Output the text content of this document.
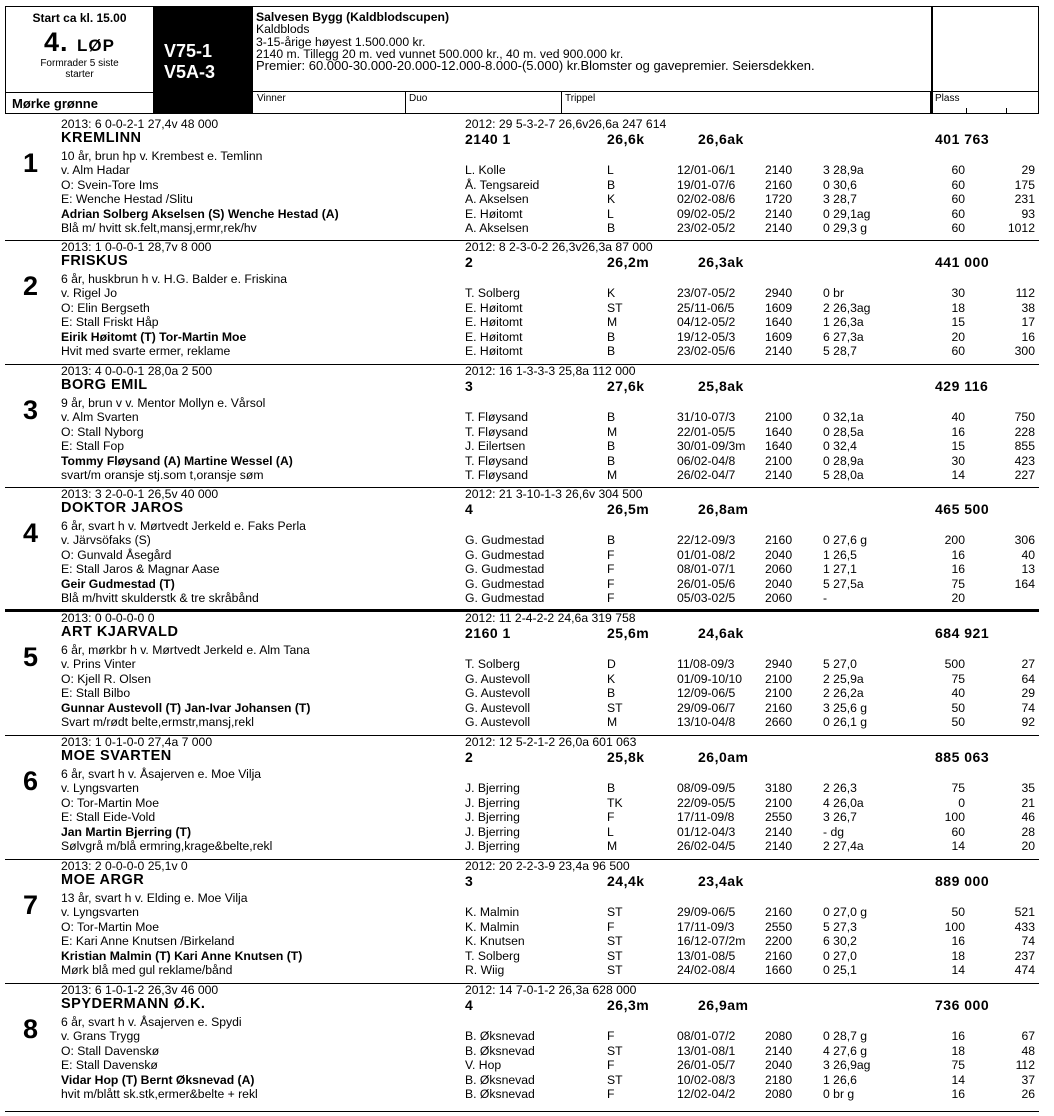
Start ca kl. 15.00
4. LØP
Formrader 5 siste
starter
Mørke grønne
V75-1
V5A-3
Salvesen Bygg (Kaldblodscupen)
Kaldblods
3-15-årige høyest 1.500.000 kr.
2140 m. Tillegg 20 m. ved vunnet 500.000 kr., 40 m. ved 900.000 kr.
Premier: 60.000-30.000-20.000-12.000-8.000-(5.000) kr.Blomster og gavepremier. Seiersdekken.
Vinner	Duo	Trippel	Plass
2013: 6 0-0-2-1 27,4v 48 000	2012: 29 5-3-2-7 26,6v26,6a 247 614
KREMLINN	2140 1	26,6k	26,6ak	401 763
1 10 år, brun hp v. Krembest e. Temlinn
v. Alm Hadar
O: Svein-Tore Ims
E: Wenche Hestad /Slitu
Adrian Solberg Akselsen (S) Wenche Hestad (A)
Blå m/ hvitt sk.felt,mansj,ermr,rek/hv
L. Kolle	L	12/01-06/1 2140	3 28,9a	60	29
Å. Tengsareid	B	19/01-07/6 2160	0 30,6	60	175
A. Akselsen	K	02/02-08/6 1720	3 28,7	60	231
E. Høitomt	L	09/02-05/2 2140	0 29,1ag	60	93
A. Akselsen	B	23/02-05/2 2140	0 29,3 g	60	1012
2013: 1 0-0-0-1 28,7v 8 000	2012: 8 2-3-0-2 26,3v26,3a 87 000
FRISKUS	2	26,2m	26,3ak	441 000
2 6 år, huskbrun h v. H.G. Balder e. Friskina
v. Rigel Jo
O: Elin Bergseth
E: Stall Friskt Håp
Eirik Høitomt (T) Tor-Martin Moe
Hvit med svarte ermer, reklame
T. Solberg	K	23/07-05/2 2940	0 br	30	112
E. Høitomt	ST	25/11-06/5	1609	2 26,3ag	18	38
E. Høitomt	M	04/12-05/2 1640	1 26,3a	15	17
E. Høitomt	B	19/12-05/3 1609	6 27,3a	20	16
E. Høitomt	B	23/02-05/6 2140	5 28,7	60	300
2013: 4 0-0-0-1 28,0a 2 500	2012: 16 1-3-3-3 25,8a 112 000
BORG EMIL	3	27,6k	25,8ak	429 116
3 9 år, brun v v. Mentor Mollyn e. Vårsol
v. Alm Svarten
O: Stall Nyborg
E: Stall Fop
Tommy Fløysand (A) Martine Wessel (A)
svart/m oransje stj.som t,oransje søm
T. Fløysand	B	31/10-07/3 2100	0 32,1a	40	750
T. Fløysand	M	22/01-05/5 1640	0 28,5a	16	228
J. Eilertsen	B	30/01-09/3m 1640	0 32,4	15	855
T. Fløysand	B	06/02-04/8 2100	0 28,9a	30	423
T. Fløysand	M	26/02-04/7 2140	5 28,0a	14	227
2013: 3 2-0-0-1 26,5v 40 000	2012: 21 3-10-1-3 26,6v 304 500
DOKTOR JAROS	4	26,5m	26,8am	465 500
4 6 år, svart h v. Mørtvedt Jerkeld e. Faks Perla
v. Järvsöfaks (S)
O: Gunvald Åsegård
E: Stall Jaros & Magnar Aase
Geir Gudmestad (T)
Blå m/hvitt skulderstk & tre skråbånd
G. Gudmestad	B	22/12-09/3 2160	0 27,6 g	200	306
G. Gudmestad	F	01/01-08/2 2040	1 26,5	16	40
G. Gudmestad	F	08/01-07/1 2060	1 27,1	16	13
G. Gudmestad	F	26/01-05/6 2040	5 27,5a	75	164
G. Gudmestad	F	05/03-02/5 2060	-	20
2013: 0 0-0-0-0 0	2012: 11 2-4-2-2 24,6a 319 758
ART KJARVALD	2160 1	25,6m	24,6ak	684 921
5 6 år, mørkbr h v. Mørtvedt Jerkeld e. Alm Tana
v. Prins Vinter
O: Kjell R. Olsen
E: Stall Bilbo
Gunnar Austevoll (T) Jan-Ivar Johansen (T)
Svart m/rødt belte,ermstr,mansj,rekl
T. Solberg	D	11/08-09/3	2940	5 27,0	500	27
G. Austevoll	K	01/09-10/10 2100	2 25,9a	75	64
G. Austevoll	B	12/09-06/5 2100	2 26,2a	40	29
G. Austevoll	ST	29/09-06/7 2160	3 25,6 g	50	74
G. Austevoll	M	13/10-04/8 2660	0 26,1 g	50	92
2013: 1 0-1-0-0 27,4a 7 000	2012: 12 5-2-1-2 26,0a 601 063
MOE SVARTEN	2	25,8k	26,0am	885 063
6 6 år, svart h v. Åsajerven e. Moe Vilja
v. Lyngsvarten
O: Tor-Martin Moe
E: Stall Eide-Vold
Jan Martin Bjerring (T)
Sølvgrå m/blå ermring,krage&belte,rekl
J. Bjerring	B	08/09-09/5 3180	2 26,3	75	35
J. Bjerring	TK	22/09-05/5 2100	4 26,0a	0	21
J. Bjerring	F	17/11-09/8	2550	3 26,7	100	46
J. Bjerring	L	01/12-04/3 2140	- dg	60	28
J. Bjerring	M	26/02-04/5 2140	2 27,4a	14	20
2013: 2 0-0-0-0 25,1v 0	2012: 20 2-2-3-9 23,4a 96 500
MOE ARGR	3	24,4k	23,4ak	889 000
7 13 år, svart h v. Elding e. Moe Vilja
v. Lyngsvarten
O: Tor-Martin Moe
E: Kari Anne Knutsen /Birkeland
Kristian Malmin (T) Kari Anne Knutsen (T)
Mørk blå med gul reklame/bånd
K. Malmin	ST	29/09-06/5 2160	0 27,0 g	50	521
K. Malmin	F	17/11-09/3	2550	5 27,3	100	433
K. Knutsen	ST	16/12-07/2m 2200	6 30,2	16	74
T. Solberg	ST	13/01-08/5 2160	0 27,0	18	237
R. Wiig	ST	24/02-08/4 1660	0 25,1	14	474
2013: 6 1-0-1-2 26,3v 46 000	2012: 14 7-0-1-2 26,3a 628 000
SPYDERMANN Ø.K.	4	26,3m	26,9am	736 000
8 6 år, svart h v. Åsajerven e. Spydi
v. Grans Trygg
O: Stall Davenskø
E: Stall Davenskø
Vidar Hop (T) Bernt Øksnevad (A)
hvit m/blått sk.stk,ermer&belte + rekl
B. Øksnevad	F	08/01-07/2 2080	0 28,7 g	16	67
B. Øksnevad	ST	13/01-08/1 2140	4 27,6 g	18	48
V. Hop	F	26/01-05/7 2040	3 26,9ag	75	112
B. Øksnevad	ST	10/02-08/3 2180	1 26,6	14	37
B. Øksnevad	F	12/02-04/2 2080	0 br g	16	26
